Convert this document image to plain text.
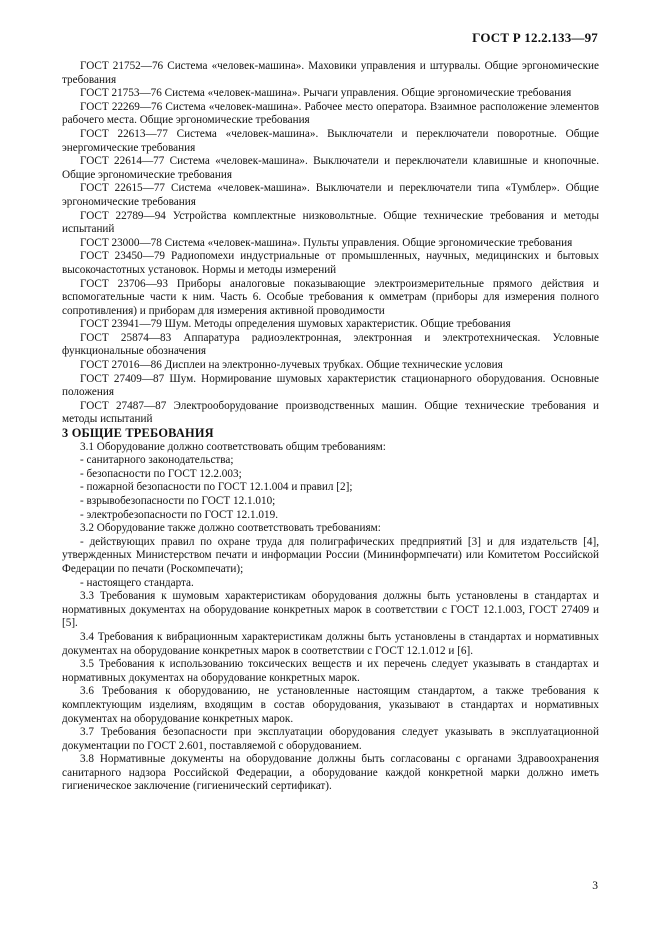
ГОСТ Р 12.2.133—97

ГОСТ 21752—76 Система «человек-машина». Маховики управления и штурвалы. Общие эргономические требования

ГОСТ 21753—76 Система «человек-машина». Рычаги управления. Общие эргономические требования

ГОСТ 22269—76 Система «человек-машина». Рабочее место оператора. Взаимное расположение элементов рабочего места. Общие эргономические требования

ГОСТ 22613—77 Система «человек-машина». Выключатели и переключатели поворотные. Общие энергомические требования

ГОСТ 22614—77 Система «человек-машина». Выключатели и переключатели клавишные и кнопочные. Общие эргономические требования

ГОСТ 22615—77 Система «человек-машина». Выключатели и переключатели типа «Тумблер». Общие эргономические требования

ГОСТ 22789—94 Устройства комплектные низковольтные. Общие технические требования и методы испытаний

ГОСТ 23000—78 Система «человек-машина». Пульты управления. Общие эргономические требования

ГОСТ 23450—79 Радиопомехи индустриальные от промышленных, научных, медицинских и бытовых высокочастотных установок. Нормы и методы измерений

ГОСТ 23706—93 Приборы аналоговые показывающие электроизмерительные прямого действия и вспомогательные части к ним. Часть 6. Особые требования к омметрам (приборы для измерения полного сопротивления) и приборам для измерения активной проводимости

ГОСТ 23941—79 Шум. Методы определения шумовых характеристик. Общие требования

ГОСТ 25874—83 Аппаратура радиоэлектронная, электронная и электротехническая. Условные функциональные обозначения

ГОСТ 27016—86 Дисплеи на электронно-лучевых трубках. Общие технические условия

ГОСТ 27409—87 Шум. Нормирование шумовых характеристик стационарного оборудования. Основные положения

ГОСТ 27487—87 Электрооборудование производственных машин. Общие технические требования и методы испытаний

3 ОБЩИЕ ТРЕБОВАНИЯ

3.1 Оборудование должно соответствовать общим требованиям:

- санитарного законодательства;

- безопасности по ГОСТ 12.2.003;

- пожарной безопасности по ГОСТ 12.1.004 и правил [2];

- взрывобезопасности по ГОСТ 12.1.010;

- электробезопасности по ГОСТ 12.1.019.

3.2 Оборудование также должно соответствовать требованиям:

- действующих правил по охране труда для полиграфических предприятий [3] и для издательств [4], утвержденных Министерством печати и информации России (Мининформпечати) или Комитетом Российской Федерации по печати (Роскомпечати);

- настоящего стандарта.

3.3 Требования к шумовым характеристикам оборудования должны быть установлены в стандартах и нормативных документах на оборудование конкретных марок в соответствии с ГОСТ 12.1.003, ГОСТ 27409 и [5].

3.4 Требования к вибрационным характеристикам должны быть установлены в стандартах и нормативных документах на оборудование конкретных марок в соответствии с ГОСТ 12.1.012 и [6].

3.5 Требования к использованию токсических веществ и их перечень следует указывать в стандартах и нормативных документах на оборудование конкретных марок.

3.6 Требования к оборудованию, не установленные настоящим стандартом, а также требования к комплектующим изделиям, входящим в состав оборудования, указывают в стандартах и нормативных документах на оборудование конкретных марок.

3.7 Требования безопасности при эксплуатации оборудования следует указывать в эксплуатационной документации по ГОСТ 2.601, поставляемой с оборудованием.

3.8 Нормативные документы на оборудование должны быть согласованы с органами Здравоохранения санитарного надзора Российской Федерации, а оборудование каждой конкретной марки должно иметь гигиеническое заключение (гигиенический сертификат).

3
